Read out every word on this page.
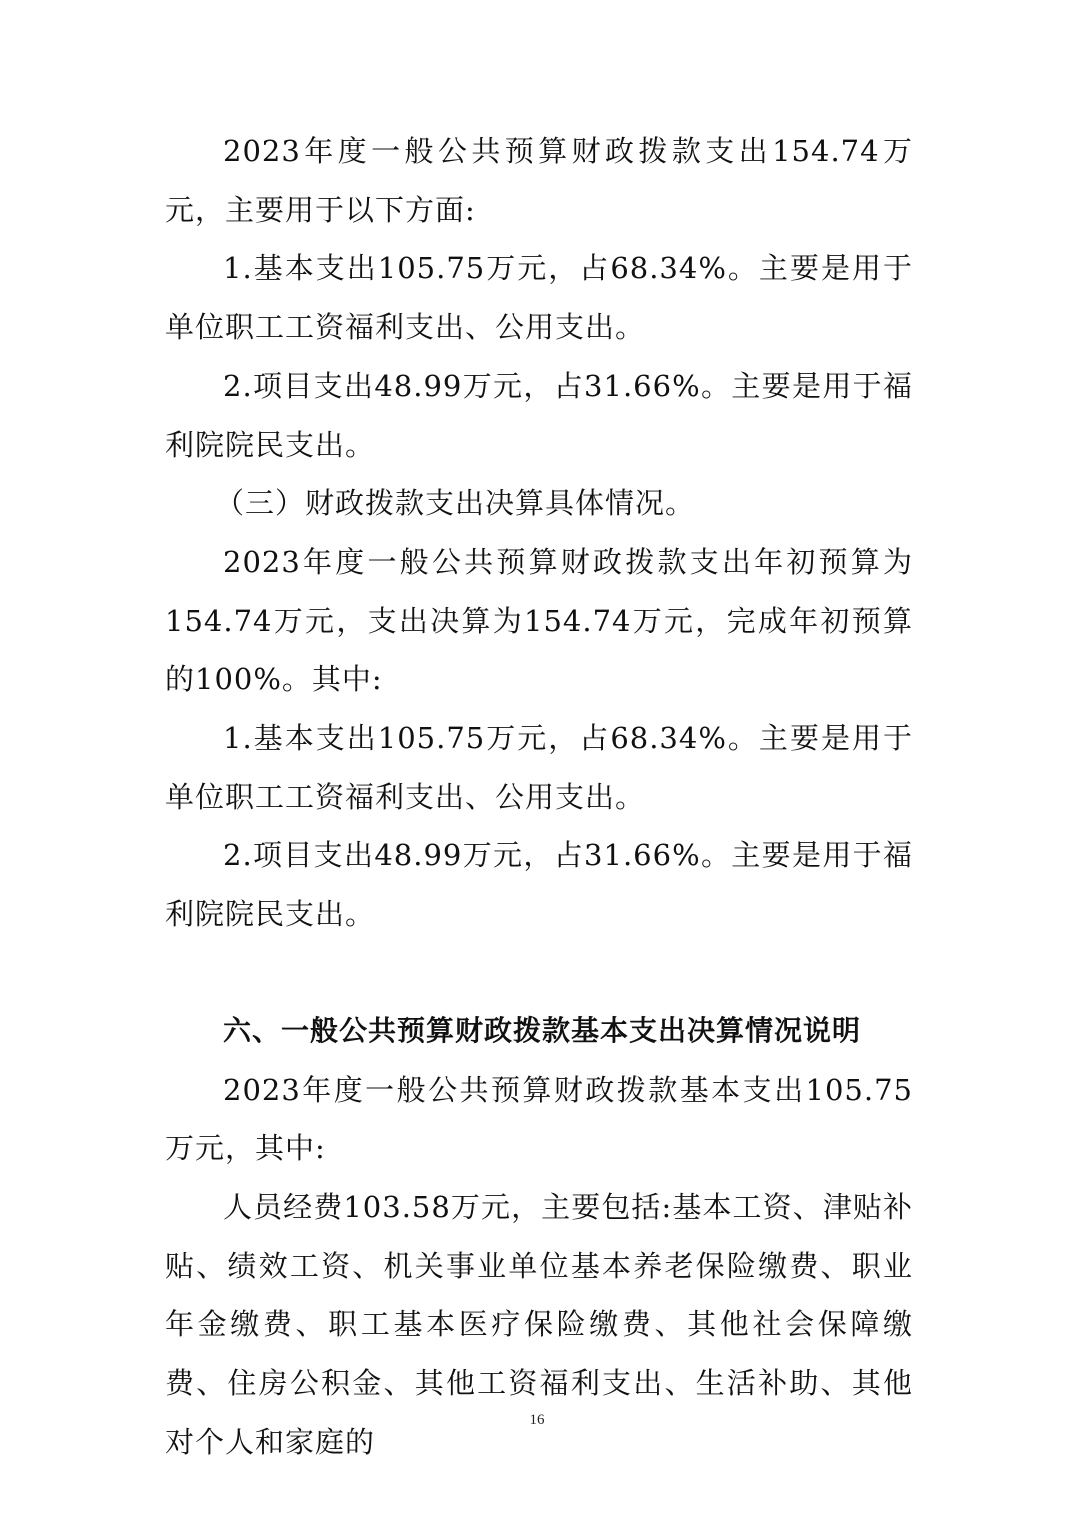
2023年度一般公共预算财政拨款支出154.74万元，主要用于以下方面:

1.基本支出105.75万元，占68.34%。主要是用于单位职工工资福利支出、公用支出。

2.项目支出48.99万元，占31.66%。主要是用于福利院院民支出。

（三）财政拨款支出决算具体情况。

2023年度一般公共预算财政拨款支出年初预算为154.74万元，支出决算为154.74万元，完成年初预算的100%。其中:

1.基本支出105.75万元，占68.34%。主要是用于单位职工工资福利支出、公用支出。

2.项目支出48.99万元，占31.66%。主要是用于福利院院民支出。

六、一般公共预算财政拨款基本支出决算情况说明

2023年度一般公共预算财政拨款基本支出105.75万元，其中:

人员经费103.58万元，主要包括:基本工资、津贴补贴、绩效工资、机关事业单位基本养老保险缴费、职业年金缴费、职工基本医疗保险缴费、其他社会保障缴费、住房公积金、其他工资福利支出、生活补助、其他对个人和家庭的

16
